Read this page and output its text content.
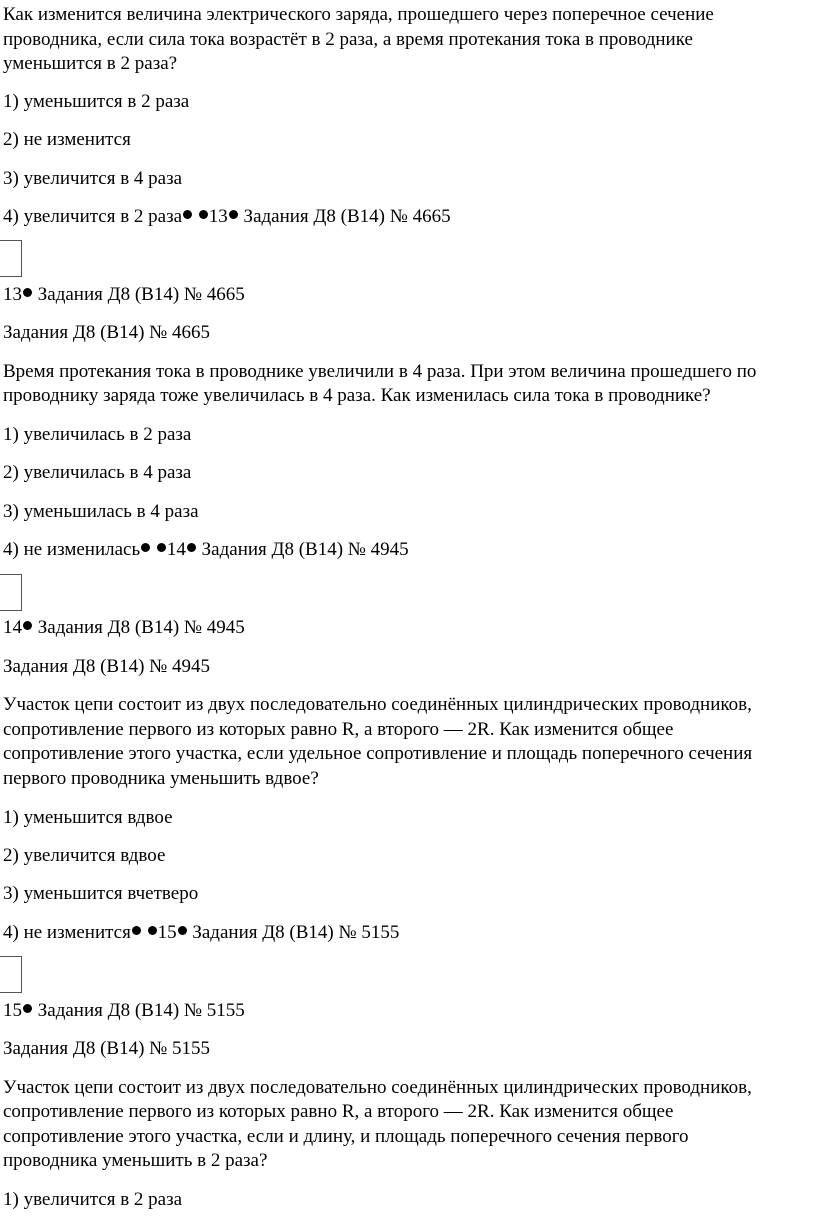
Как изменится величина электрического заряда, прошедшего через поперечное сечение
проводника, если сила тока возрастёт в 2 раза, а время протекания тока в проводнике
уменьшится в 2 раза?
1) уменьшится в 2 раза
2) не изменится
3) увеличится в 4 раза
4) увеличится в 2 раза 13 Задания Д8 (B14) № 4665
13 Задания Д8 (B14) № 4665
Задания Д8 (B14) № 4665
Время протекания тока в проводнике увеличили в 4 раза. При этом величина прошедшего по
проводнику заряда тоже увеличилась в 4 раза. Как изменилась сила тока в проводнике?
1) увеличилась в 2 раза
2) увеличилась в 4 раза
3) уменьшилась в 4 раза
4) не изменилась 14 Задания Д8 (B14) № 4945
14 Задания Д8 (B14) № 4945
Задания Д8 (B14) № 4945
Участок цепи состоит из двух последовательно соединённых цилиндрических проводников,
сопротивление первого из которых равно R, а второго — 2R. Как изменится общее
сопротивление этого участка, если удельное сопротивление и площадь поперечного сечения
первого проводника уменьшить вдвое?
1) уменьшится вдвое
2) увеличится вдвое
3) уменьшится вчетверо
4) не изменится 15 Задания Д8 (B14) № 5155
15 Задания Д8 (B14) № 5155
Задания Д8 (B14) № 5155
Участок цепи состоит из двух последовательно соединённых цилиндрических проводников,
сопротивление первого из которых равно R, а второго — 2R. Как изменится общее
сопротивление этого участка, если и длину, и площадь поперечного сечения первого
проводника уменьшить в 2 раза?
1) увеличится в 2 раза
